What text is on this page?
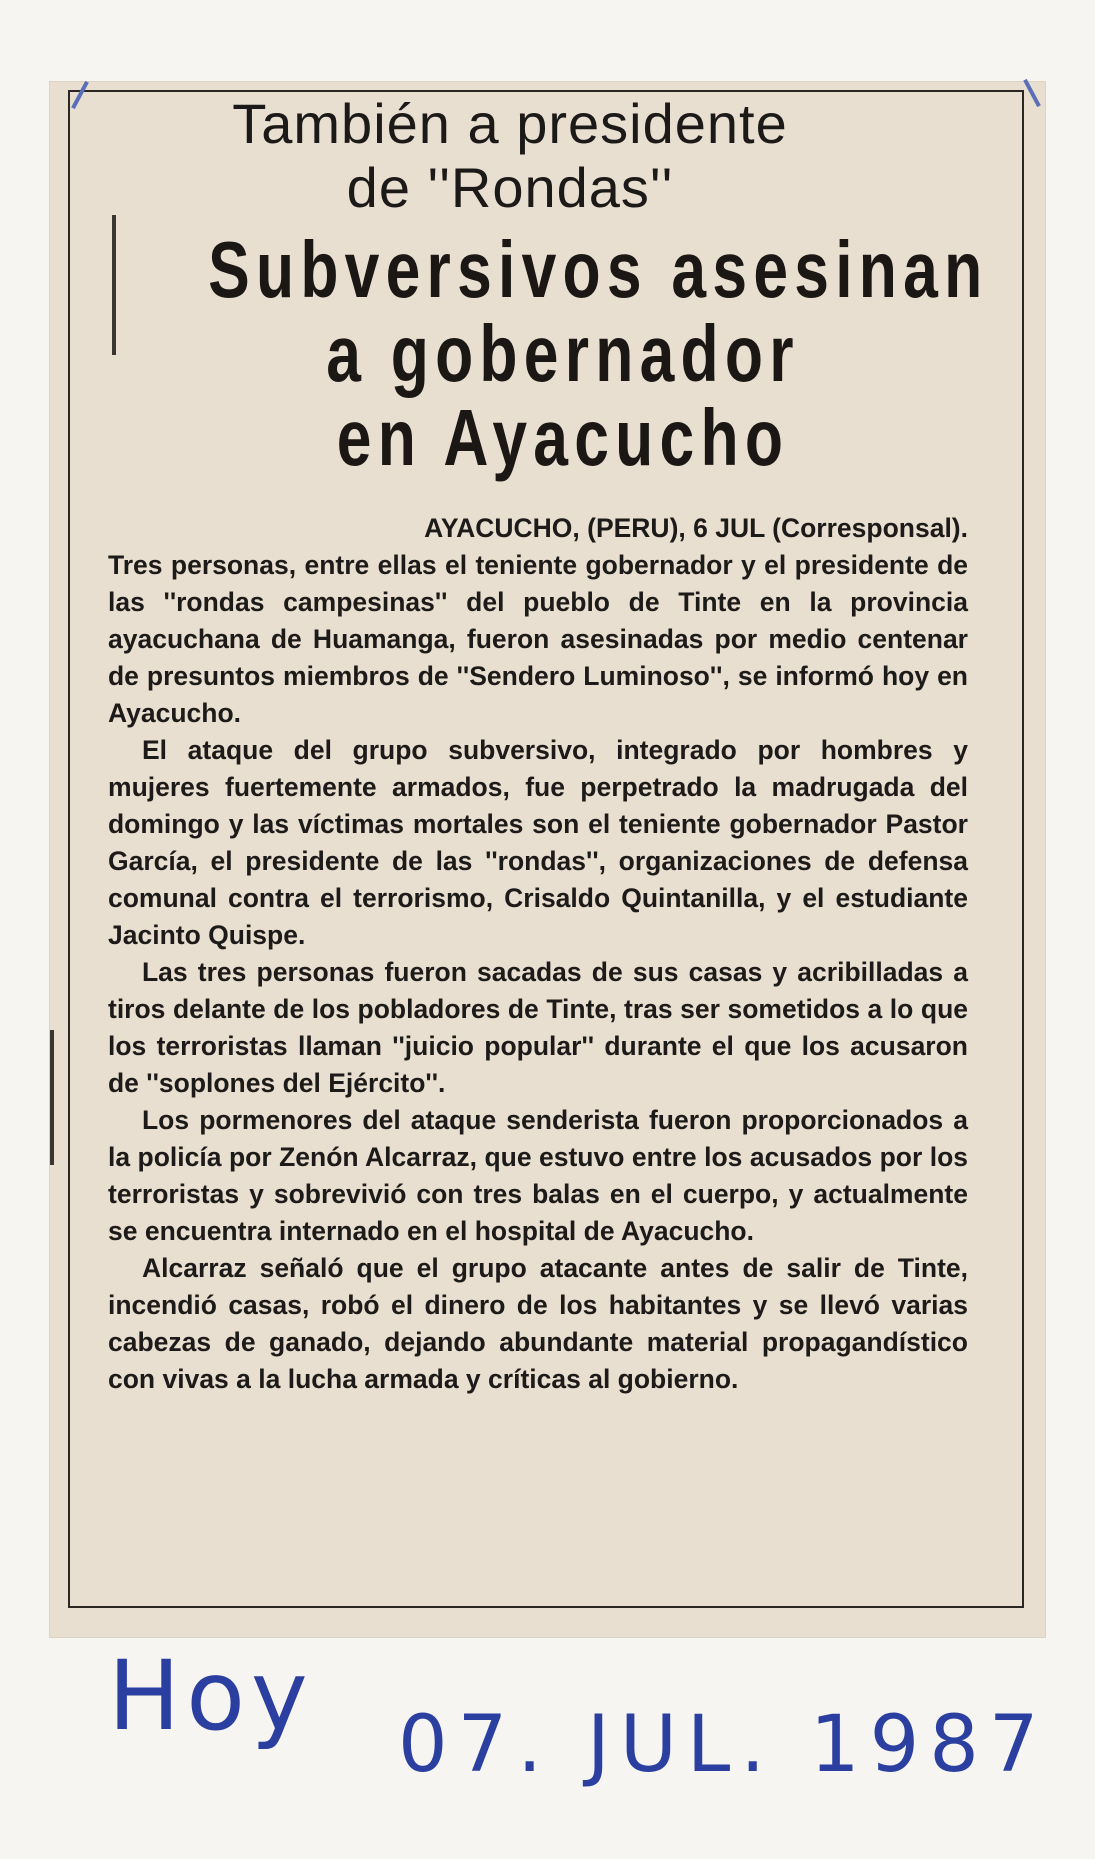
También a presidente
de ''Rondas''
Subversivos asesinan
a gobernador
en Ayacucho

AYACUCHO, (PERU), 6 JUL (Corresponsal).

Tres personas, entre ellas el teniente gobernador y el presidente de las ''rondas campesinas'' del pueblo de Tinte en la provincia ayacuchana de Huamanga, fueron asesinadas por medio centenar de presuntos miembros de ''Sendero Luminoso'', se informó hoy en Ayacucho.

El ataque del grupo subversivo, integrado por hombres y mujeres fuertemente armados, fue perpetrado la madrugada del domingo y las víctimas mortales son el teniente gobernador Pastor García, el presidente de las ''rondas'', organizaciones de defensa comunal contra el terrorismo, Crisaldo Quintanilla, y el estudiante Jacinto Quispe.

Las tres personas fueron sacadas de sus casas y acribilladas a tiros delante de los pobladores de Tinte, tras ser sometidos a lo que los terroristas llaman ''juicio popular'' durante el que los acusaron de ''soplones del Ejército''.

Los pormenores del ataque senderista fueron proporcionados a la policía por Zenón Alcarraz, que estuvo entre los acusados por los terroristas y sobrevivió con tres balas en el cuerpo, y actualmente se encuentra internado en el hospital de Ayacucho.

Alcarraz señaló que el grupo atacante antes de salir de Tinte, incendió casas, robó el dinero de los habitantes y se llevó varias cabezas de ganado, dejando abundante material propagandístico con vivas a la lucha armada y críticas al gobierno.

Hoy 07. JUL. 1987
